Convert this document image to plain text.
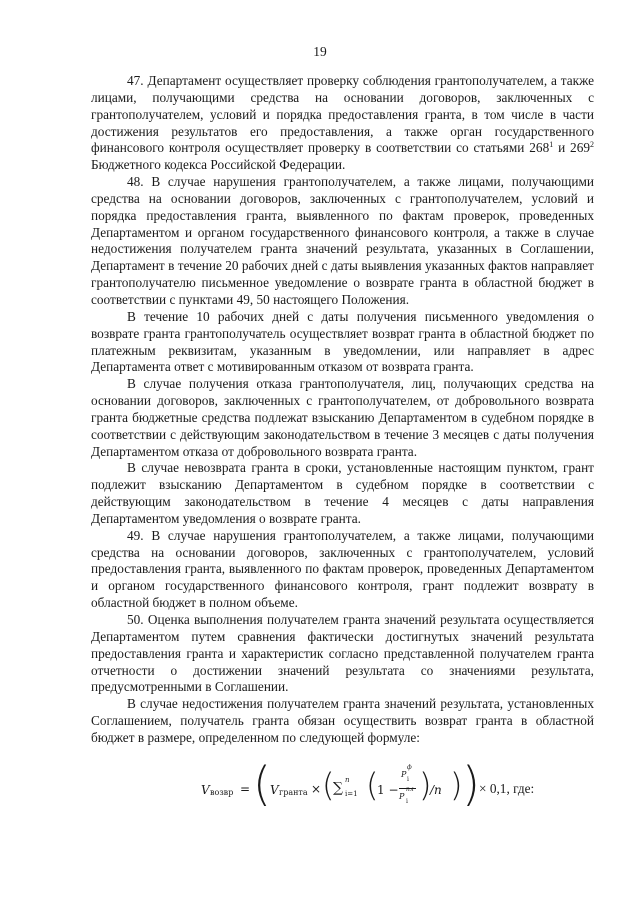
19

47. Департамент осуществляет проверку соблюдения грантополучателем, а также лицами, получающими средства на основании договоров, заключенных с грантополучателем, условий и порядка предоставления гранта, в том числе в части достижения результатов его предоставления, а также орган государственного финансового контроля осуществляет проверку в соответствии со статьями $268^1$ и $269^2$ Бюджетного кодекса Российской Федерации.

48. В случае нарушения грантополучателем, а также лицами, получающими средства на основании договоров, заключенных с грантополучателем, условий и порядка предоставления гранта, выявленного по фактам проверок, проведенных Департаментом и органом государственного финансового контроля, а также в случае недостижения получателем гранта значений результата, указанных в Соглашении, Департамент в течение 20 рабочих дней с даты выявления указанных фактов направляет грантополучателю письменное уведомление о возврате гранта в областной бюджет в соответствии с пунктами 49, 50 настоящего Положения.

В течение 10 рабочих дней с даты получения письменного уведомления о возврате гранта грантополучатель осуществляет возврат гранта в областной бюджет по платежным реквизитам, указанным в уведомлении, или направляет в адрес Департамента ответ с мотивированным отказом от возврата гранта.

В случае получения отказа грантополучателя, лиц, получающих средства на основании договоров, заключенных с грантополучателем, от добровольного возврата гранта бюджетные средства подлежат взысканию Департаментом в судебном порядке в соответствии с действующим законодательством в течение 3 месяцев с даты получения Департаментом отказа от добровольного возврата гранта.

В случае невозврата гранта в сроки, установленные настоящим пунктом, грант подлежит взысканию Департаментом в судебном порядке в соответствии с действующим законодательством в течение 4 месяцев с даты направления Департаментом уведомления о возврате гранта.

49. В случае нарушения грантополучателем, а также лицами, получающими средства на основании договоров, заключенных с грантополучателем, условий предоставления гранта, выявленного по фактам проверок, проведенных Департаментом и органом государственного финансового контроля, грант подлежит возврату в областной бюджет в полном объеме.

50. Оценка выполнения получателем гранта значений результата осуществляется Департаментом путем сравнения фактически достигнутых значений результата предоставления гранта и характеристик согласно представленной получателем гранта отчетности о достижении значений результата со значениями результата, предусмотренными в Соглашении.

В случае недостижения получателем гранта значений результата, установленных Соглашением, получатель гранта обязан осуществить возврат гранта в областной бюджет в размере, определенном по следующей формуле:

V возвр = ( V гранта × (
∑ n
i=1 (
1 −
P
ф
i
P
пл
i )
/n ) ) × 0,1, где:
